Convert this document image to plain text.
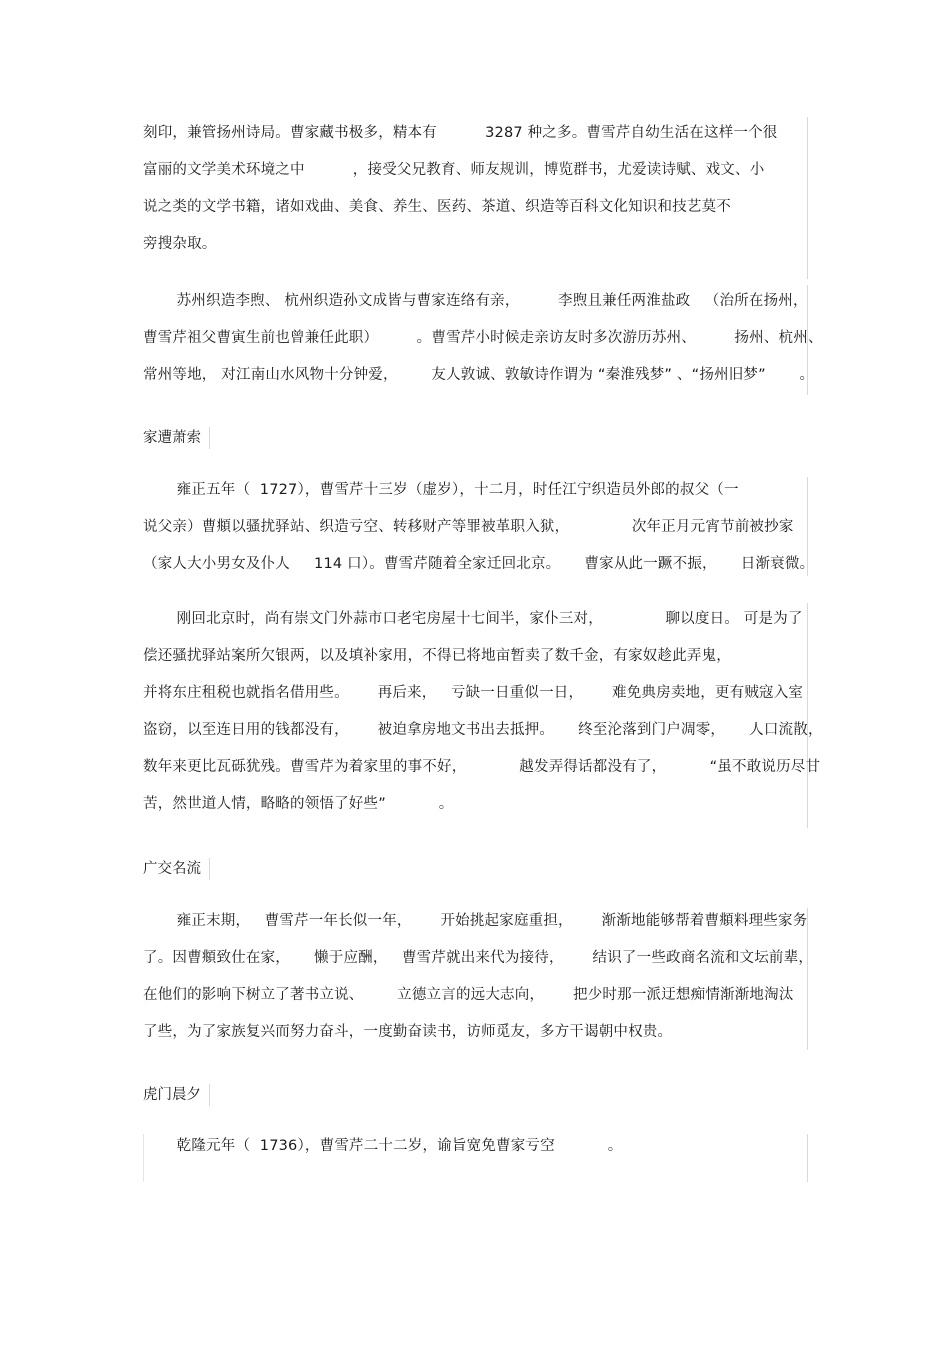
刻印，兼管扬州诗局。曹家藏书极多，精本有          3287 种之多。曹雪芹自幼生活在这样一个很
富丽的文学美术环境之中          ，接受父兄教育、师友规训，博览群书，尤爱读诗赋、戏文、小
说之类的文学书籍，诸如戏曲、美食、养生、医药、茶道、织造等百科文化知识和技艺莫不
旁搜杂取。
苏州织造李煦、 杭州织造孙文成皆与曹家连络有亲，        李煦且兼任两淮盐政   （治所在扬州，
曹雪芹祖父曹寅生前也曾兼任此职）        。曹雪芹小时候走亲访友时多次游历苏州、        扬州、杭州、
常州等地， 对江南山水风物十分钟爱，       友人敦诚、敦敏诗作谓为 “秦淮残梦” 、“扬州旧梦”       。
家遭萧索
雍正五年（  1727），曹雪芹十三岁（虚岁），十二月，时任江宁织造员外郎的叔父（一
说父亲）曹頫以骚扰驿站、织造亏空、转移财产等罪被革职入狱，             次年正月元宵节前被抄家
（家人大小男女及仆人     114 口）。曹雪芹随着全家迁回北京。     曹家从此一蹶不振，     日渐衰微。
刚回北京时，尚有崇文门外蒜市口老宅房屋十七间半，家仆三对，             聊以度日。 可是为了
偿还骚扰驿站案所欠银两，以及填补家用，不得已将地亩暂卖了数千金，有家奴趁此弄鬼，
并将东庄租税也就指名借用些。      再后来，   亏缺一日重似一日，      难免典房卖地，更有贼寇入室
盗窃，以至连日用的钱都没有，      被迫拿房地文书出去抵押。     终至沦落到门户凋零，     人口流散，
数年来更比瓦砾犹残。曹雪芹为着家里的事不好，           越发弄得话都没有了，         “虽不敢说历尽甘
苦，然世道人情，略略的领悟了好些”           。
广交名流
雍正末期，   曹雪芹一年长似一年，      开始挑起家庭重担，      渐渐地能够帮着曹頫料理些家务
了。因曹頫致仕在家，     懒于应酬，   曹雪芹就出来代为接待，      结识了一些政商名流和文坛前辈，
在他们的影响下树立了著书立说、       立德立言的远大志向，      把少时那一派迂想痴情渐渐地淘汰
了些，为了家族复兴而努力奋斗，一度勤奋读书，访师觅友，多方干谒朝中权贵。
虎门晨夕
乾隆元年（  1736），曹雪芹二十二岁，谕旨宽免曹家亏空           。
